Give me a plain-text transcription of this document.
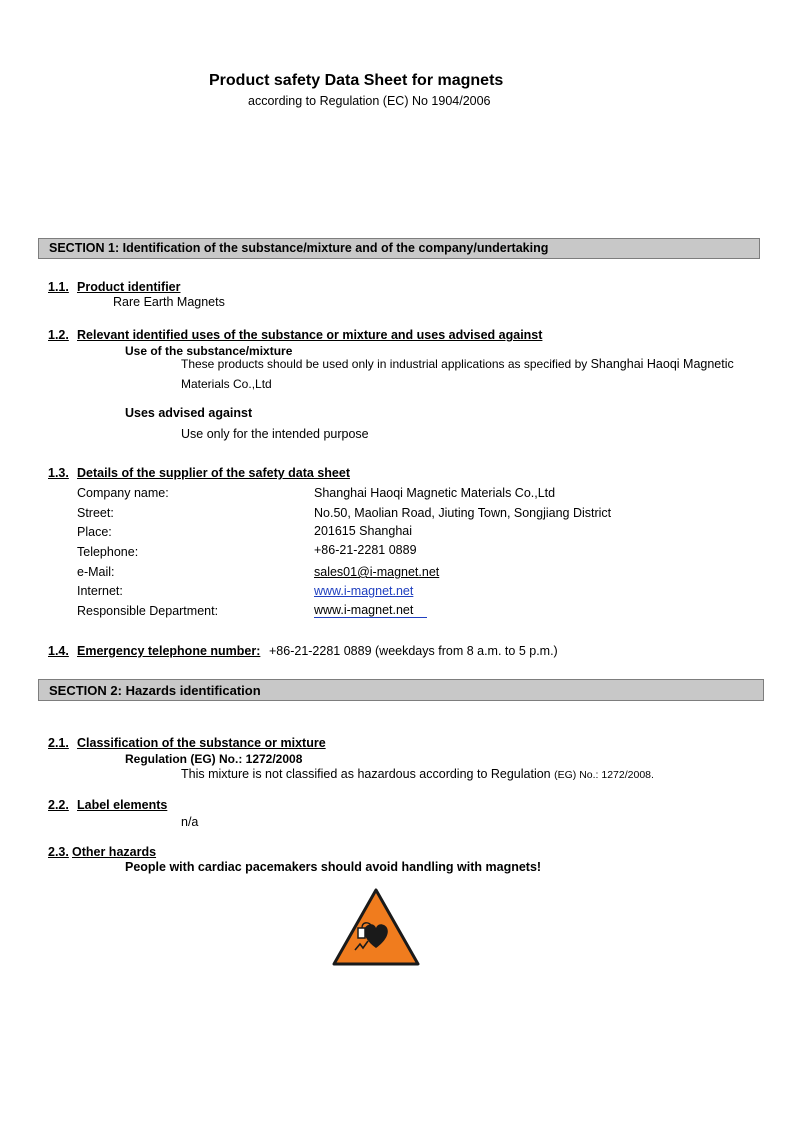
Product safety Data Sheet for magnets
according to Regulation (EC) No 1904/2006
SECTION 1: Identification of the substance/mixture and of the company/undertaking
1.1. Product identifier
Rare Earth Magnets
1.2. Relevant identified uses of the substance or mixture and uses advised against
Use of the substance/mixture
These products should be used only in industrial applications as specified by Shanghai Haoqi Magnetic
Materials Co.,Ltd
Uses advised against
Use only for the intended purpose
1.3. Details of the supplier of the safety data sheet
Company name:	Shanghai Haoqi Magnetic Materials Co.,Ltd
Street:	No.50, Maolian Road, Jiuting Town, Songjiang District
Place:	201615 Shanghai
Telephone:	+86-21-2281 0889
e-Mail:	sales01@i-magnet.net
Internet:	www.i-magnet.net
Responsible Department:	www.i-magnet.net
1.4. Emergency telephone number: +86-21-2281 0889 (weekdays from 8 a.m. to 5 p.m.)
SECTION 2: Hazards identification
2.1. Classification of the substance or mixture
Regulation (EG) No.: 1272/2008
This mixture is not classified as hazardous according to Regulation (EG) No.: 1272/2008.
2.2. Label elements
n/a
2.3. Other hazards
People with cardiac pacemakers should avoid handling with magnets!
